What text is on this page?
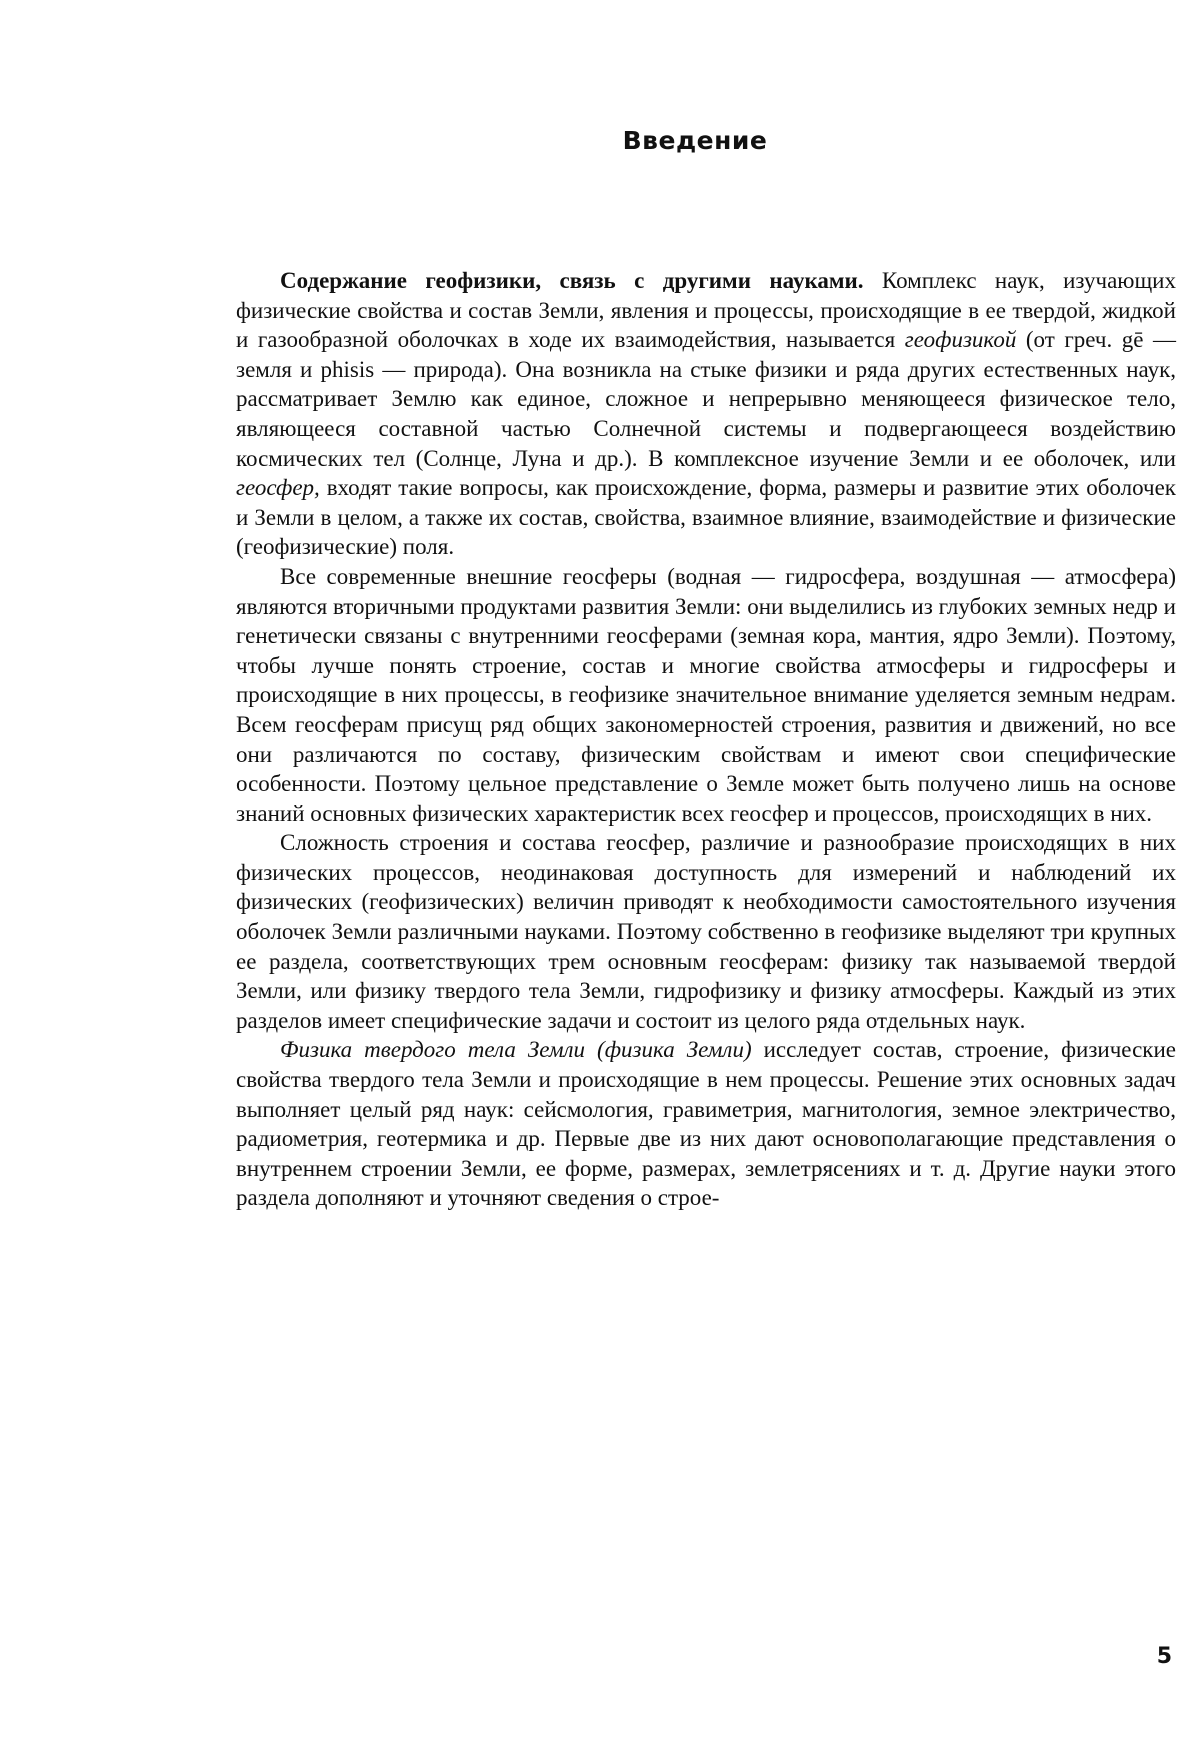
Введение

Содержание геофизики, связь с другими науками. Комплекс наук, изучающих физические свойства и состав Земли, явления и процессы, происходящие в ее твердой, жидкой и газообразной оболочках в ходе их взаимодействия, называется геофизикой (от греч. gē — земля и phisis — природа). Она возникла на стыке физики и ряда других естественных наук, рассматривает Землю как единое, сложное и непрерывно меняющееся физическое тело, являющееся составной частью Солнечной системы и подвергающееся воздействию космических тел (Солнце, Луна и др.). В комплексное изучение Земли и ее оболочек, или геосфер, входят такие вопросы, как происхождение, форма, размеры и развитие этих оболочек и Земли в целом, а также их состав, свойства, взаимное влияние, взаимодействие и физические (геофизические) поля.

Все современные внешние геосферы (водная — гидросфера, воздушная — атмосфера) являются вторичными продуктами развития Земли: они выделились из глубоких земных недр и генетически связаны с внутренними геосферами (земная кора, мантия, ядро Земли). Поэтому, чтобы лучше понять строение, состав и многие свойства атмосферы и гидросферы и происходящие в них процессы, в геофизике значительное внимание уделяется земным недрам. Всем геосферам присущ ряд общих закономерностей строения, развития и движений, но все они различаются по составу, физическим свойствам и имеют свои специфические особенности. Поэтому цельное представление о Земле может быть получено лишь на основе знаний основных физических характеристик всех геосфер и процессов, происходящих в них.

Сложность строения и состава геосфер, различие и разнообразие происходящих в них физических процессов, неодинаковая доступность для измерений и наблюдений их физических (геофизических) величин приводят к необходимости самостоятельного изучения оболочек Земли различными науками. Поэтому собственно в геофизике выделяют три крупных ее раздела, соответствующих трем основным геосферам: физику так называемой твердой Земли, или физику твердого тела Земли, гидрофизику и физику атмосферы. Каждый из этих разделов имеет специфические задачи и состоит из целого ряда отдельных наук.

Физика твердого тела Земли (физика Земли) исследует состав, строение, физические свойства твердого тела Земли и происходящие в нем процессы. Решение этих основных задач выполняет целый ряд наук: сейсмология, гравиметрия, магнитология, земное электричество, радиометрия, геотермика и др. Первые две из них дают основополагающие представления о внутреннем строении Земли, ее форме, размерах, землетрясениях и т. д. Другие науки этого раздела дополняют и уточняют сведения о строе-

5
